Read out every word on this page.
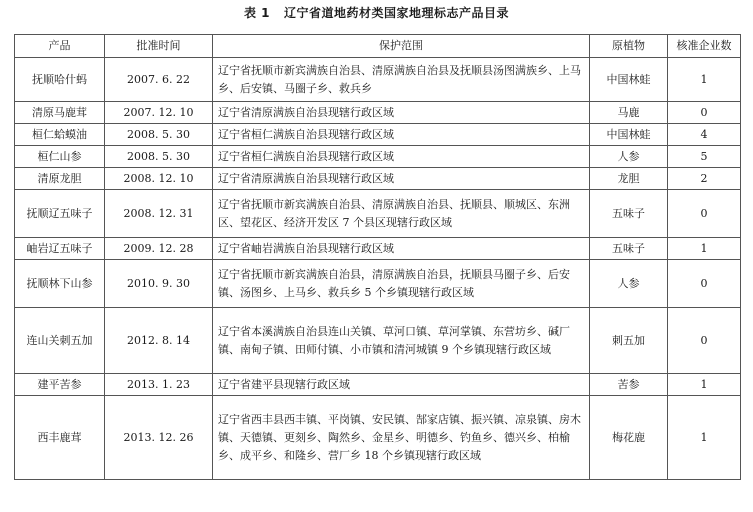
表 1 辽宁省道地药材类国家地理标志产品目录
产品	批准时间	保护范围	原植物	核准企业数
抚顺哈什蚂	2007. 6. 22	辽宁省抚顺市新宾满族自治县、清原满族自治县及抚顺县汤图满族乡、上马乡、后安镇、马圈子乡、救兵乡	中国林蛙	1
清原马鹿茸	2007. 12. 10	辽宁省清原满族自治县现辖行政区域	马鹿	0
桓仁蛤蟆油	2008. 5. 30	辽宁省桓仁满族自治县现辖行政区域	中国林蛙	4
桓仁山参	2008. 5. 30	辽宁省桓仁满族自治县现辖行政区域	人参	5
清原龙胆	2008. 12. 10	辽宁省清原满族自治县现辖行政区域	龙胆	2
抚顺辽五味子	2008. 12. 31	辽宁省抚顺市新宾满族自治县、清原满族自治县、抚顺县、顺城区、东洲区、望花区、经济开发区 7 个县区现辖行政区域	五味子	0
岫岩辽五味子	2009. 12. 28	辽宁省岫岩满族自治县现辖行政区域	五味子	1
抚顺林下山参	2010. 9. 30	辽宁省抚顺市新宾满族自治县，清原满族自治县，抚顺县马圈子乡、后安镇、汤图乡、上马乡、救兵乡 5 个乡镇现辖行政区域	人参	0
连山关刺五加	2012. 8. 14	辽宁省本溪满族自治县连山关镇、草河口镇、草河掌镇、东营坊乡、碱厂镇、南甸子镇、田师付镇、小市镇和清河城镇 9 个乡镇现辖行政区域	刺五加	0
建平苦参	2013. 1. 23	辽宁省建平县现辖行政区域	苦参	1
西丰鹿茸	2013. 12. 26	辽宁省西丰县西丰镇、平岗镇、安民镇、郜家店镇、振兴镇、凉泉镇、房木镇、天德镇、更刻乡、陶然乡、金星乡、明德乡、钓鱼乡、德兴乡、柏榆乡、成平乡、和隆乡、营厂乡 18 个乡镇现辖行政区域	梅花鹿	1
